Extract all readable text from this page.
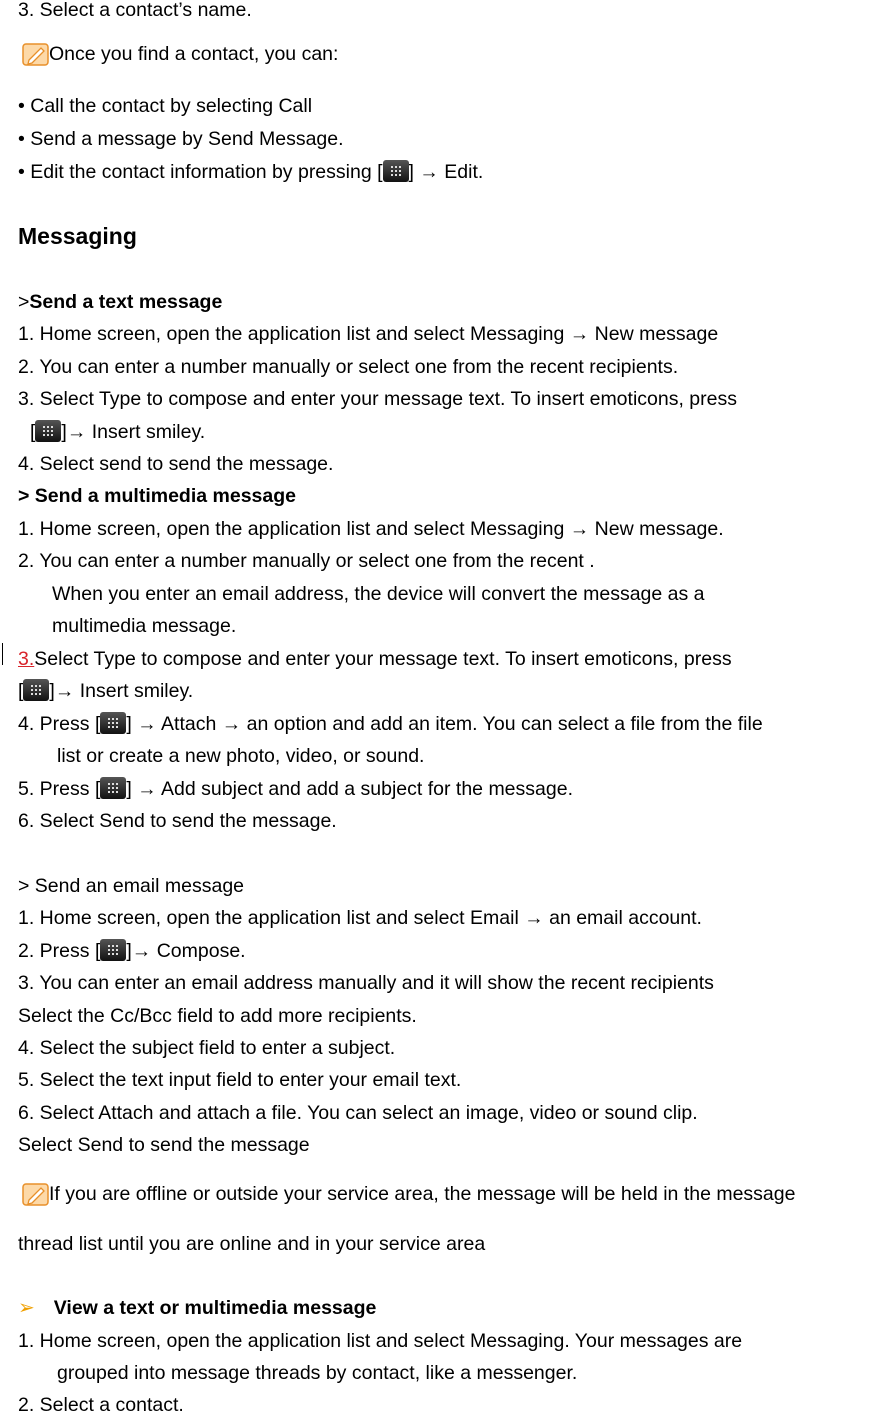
3. Select a contact’s name.
Once you find a contact, you can:
• Call the contact by selecting Call
• Send a message by Send Message.
• Edit the contact information by pressing [ ] → Edit.
Messaging
>Send a text message
1. Home screen, open the application list and select Messaging → New message
2. You can enter a number manually or select one from the recent recipients.
3. Select Type to compose and enter your message text. To insert emoticons, press
[ ]→ Insert smiley.
4. Select send to send the message.
> Send a multimedia message
1. Home screen, open the application list and select Messaging → New message.
2. You can enter a number manually or select one from the recent .
When you enter an email address, the device will convert the message as a
multimedia message.
3.Select Type to compose and enter your message text. To insert emoticons, press
[ ]→ Insert smiley.
4. Press [ ] → Attach → an option and add an item. You can select a file from the file
list or create a new photo, video, or sound.
5. Press [ ] → Add subject and add a subject for the message.
6. Select Send to send the message.
> Send an email message
1. Home screen, open the application list and select Email → an email account.
2. Press [ ]→ Compose.
3. You can enter an email address manually and it will show the recent recipients
Select the Cc/Bcc field to add more recipients.
4. Select the subject field to enter a subject.
5. Select the text input field to enter your email text.
6. Select Attach and attach a file. You can select an image, video or sound clip.
Select Send to send the message
If you are offline or outside your service area, the message will be held in the message
thread list until you are online and in your service area
➢ View a text or multimedia message
1. Home screen, open the application list and select Messaging. Your messages are
grouped into message threads by contact, like a messenger.
2. Select a contact.
